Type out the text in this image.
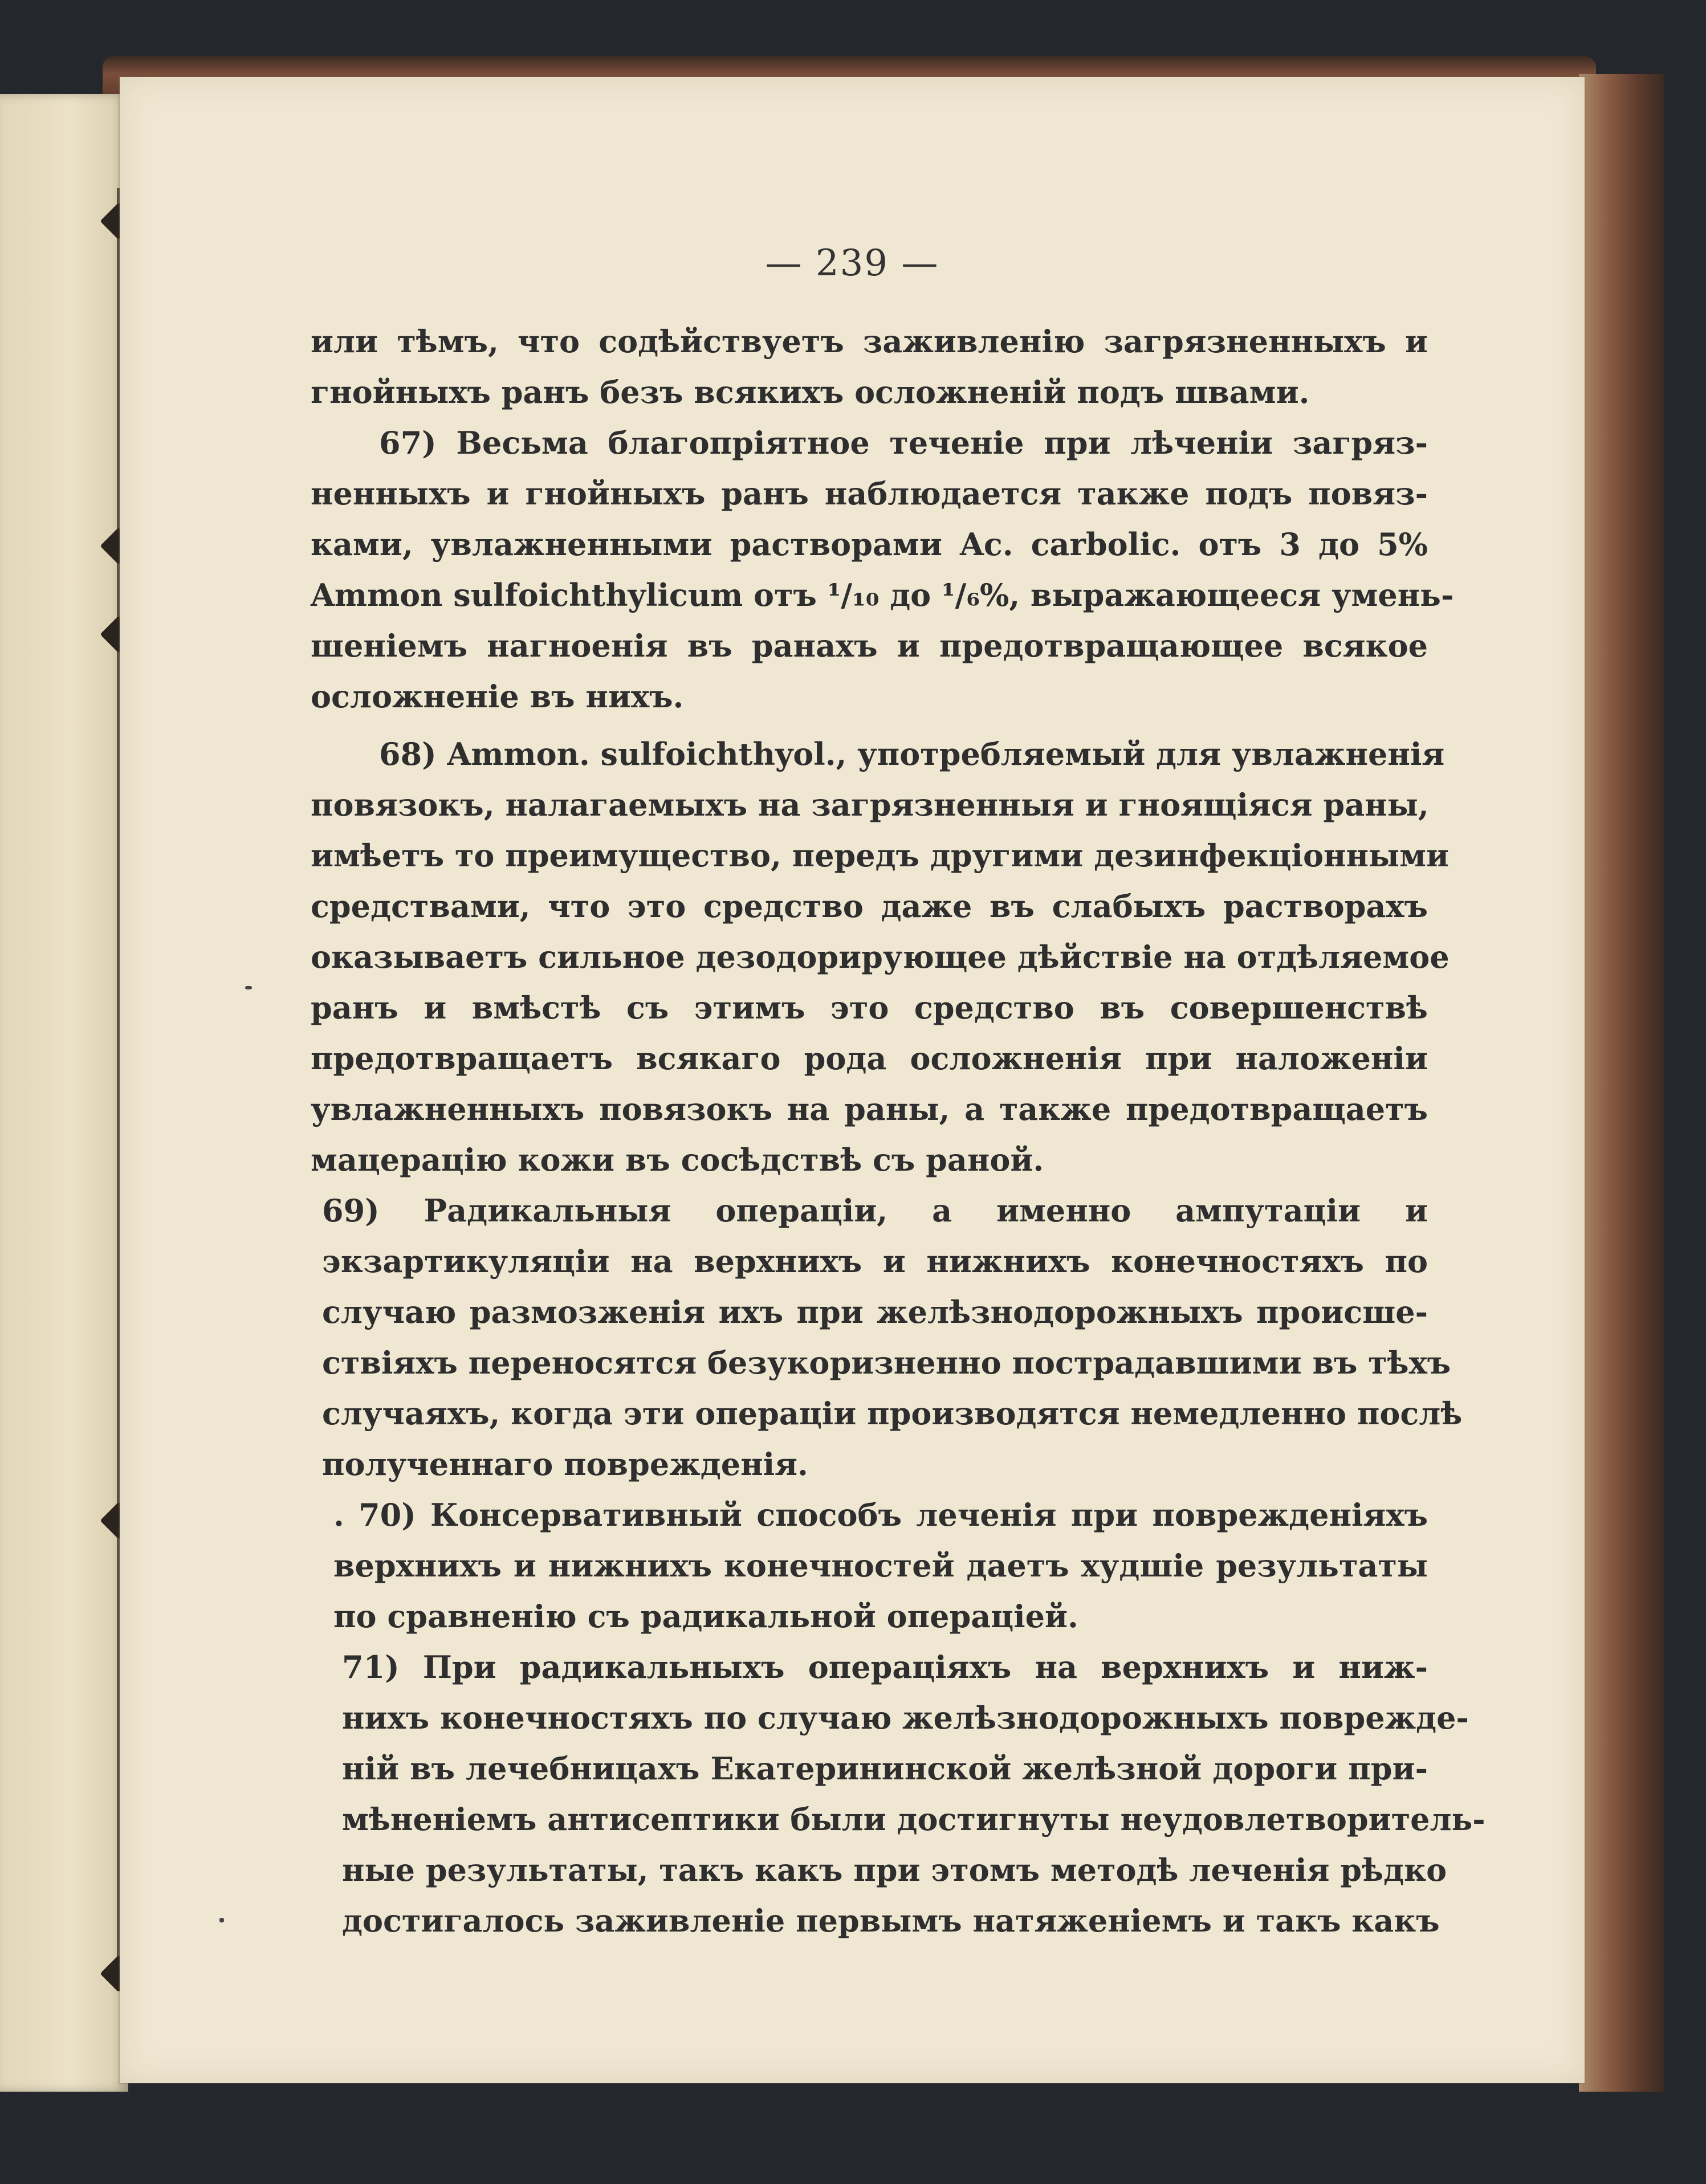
— 239 —
или тѣмъ, что содѣйствуетъ заживленію загрязненныхъ и
гнойныхъ ранъ безъ всякихъ осложненій подъ швами.
67) Весьма благопріятное теченіе при лѣченіи загряз-
ненныхъ и гнойныхъ ранъ наблюдается также подъ повяз-
ками, увлажненными растворами Ac. carbolic. отъ 3 до 5%
Ammon sulfoichthylicum отъ ¹/₁₀ до ¹/₆%, выражающееся умень-
шеніемъ нагноенія въ ранахъ и предотвращающее всякое
осложненіе въ нихъ.
68) Ammon. sulfoichthyol., употребляемый для увлажненія
повязокъ, налагаемыхъ на загрязненныя и гноящіяся раны,
имѣетъ то преимущество, передъ другими дезинфекціонными
средствами, что это средство даже въ слабыхъ растворахъ
оказываетъ сильное дезодорирующее дѣйствіе на отдѣляемое
ранъ и вмѣстѣ съ этимъ это средство въ совершенствѣ
предотвращаетъ всякаго рода осложненія при наложеніи
увлажненныхъ повязокъ на раны, а также предотвращаетъ
мацерацію кожи въ сосѣдствѣ съ раной.
69) Радикальныя операціи, а именно ампутаціи и
экзартикуляціи на верхнихъ и нижнихъ конечностяхъ по
случаю размозженія ихъ при желѣзнодорожныхъ происше-
ствіяхъ переносятся безукоризненно пострадавшими въ тѣхъ
случаяхъ, когда эти операціи производятся немедленно послѣ
полученнаго поврежденія.
. 70) Консервативный способъ леченія при поврежденіяхъ
верхнихъ и нижнихъ конечностей даетъ худшіе результаты
по сравненію съ радикальной операціей.
71) При радикальныхъ операціяхъ на верхнихъ и ниж-
нихъ конечностяхъ по случаю желѣзнодорожныхъ поврежде-
ній въ лечебницахъ Екатерининской желѣзной дороги при-
мѣненіемъ антисептики были достигнуты неудовлетворитель-
ные результаты, такъ какъ при этомъ методѣ леченія рѣдко
достигалось заживленіе первымъ натяженіемъ и такъ какъ
